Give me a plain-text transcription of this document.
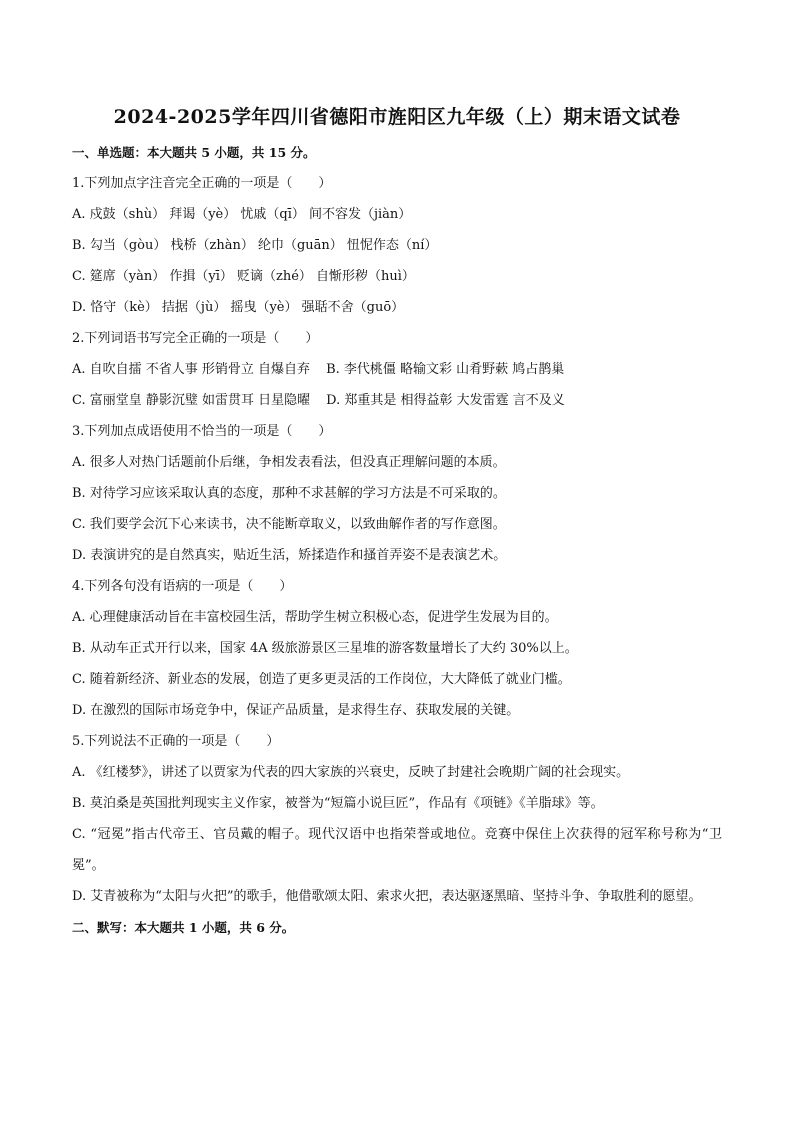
2024-2025学年四川省德阳市旌阳区九年级（上）期末语文试卷

一、单选题：本大题共 5 小题，共 15 分。

1.下列加点字注音完全正确的一项是（　　）

A. 戍鼓（shù） 拜谒（yè） 忧戚（qī） 间不容发（jiàn）

B. 勾当（gòu） 栈桥（zhàn） 纶巾（guān） 忸怩作态（ní）

C. 筵席（yàn） 作揖（yī） 贬谪（zhé） 自惭形秽（huì）

D. 恪守（kè） 拮据（jù） 摇曳（yè） 强聒不舍（guō）

2.下列词语书写完全正确的一项是（　　）

A. 自吹自擂 不省人事 形销骨立 自爆自弃 B. 李代桃僵 略输文彩 山肴野蔌 鸠占鹊巢

C. 富丽堂皇 静影沉璧 如雷贯耳 日星隐曜 D. 郑重其是 相得益彰 大发雷霆 言不及义

3.下列加点成语使用不恰当的一项是（　　）

A. 很多人对热门话题前仆后继，争相发表看法，但没真正理解问题的本质。

B. 对待学习应该采取认真的态度，那种不求甚解的学习方法是不可采取的。

C. 我们要学会沉下心来读书，决不能断章取义，以致曲解作者的写作意图。

D. 表演讲究的是自然真实，贴近生活，矫揉造作和搔首弄姿不是表演艺术。

4.下列各句没有语病的一项是（　　）

A. 心理健康活动旨在丰富校园生活，帮助学生树立积极心态，促进学生发展为目的。

B. 从动车正式开行以来，国家 4A 级旅游景区三星堆的游客数量增长了大约 30%以上。

C. 随着新经济、新业态的发展，创造了更多更灵活的工作岗位，大大降低了就业门槛。

D. 在激烈的国际市场竞争中，保证产品质量，是求得生存、获取发展的关键。

5.下列说法不正确的一项是（　　）

A. 《红楼梦》，讲述了以贾家为代表的四大家族的兴衰史，反映了封建社会晚期广阔的社会现实。

B. 莫泊桑是英国批判现实主义作家，被誉为“短篇小说巨匠”，作品有《项链》《羊脂球》等。

C. “冠冕”指古代帝王、官员戴的帽子。现代汉语中也指荣誉或地位。竞赛中保住上次获得的冠军称号称为“卫冕”。

D. 艾青被称为“太阳与火把”的歌手，他借歌颂太阳、索求火把，表达驱逐黑暗、坚持斗争、争取胜利的愿望。

二、默写：本大题共 1 小题，共 6 分。
